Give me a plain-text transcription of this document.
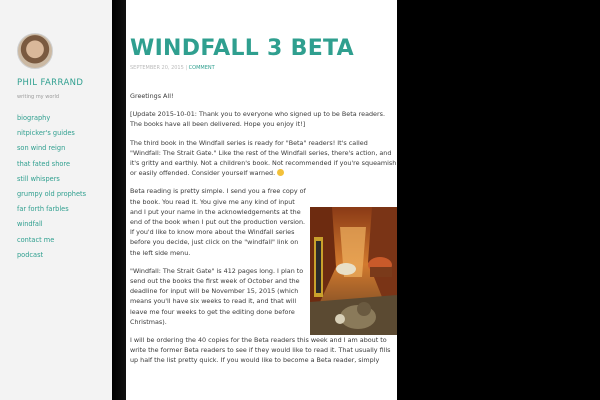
PHIL FARRAND
writing my world
biography
nitpicker's guides
son wind reign
that fated shore
still whispers
grumpy old prophets
far forth farbles
windfall
contact me
podcast
WINDFALL 3 BETA
SEPTEMBER 20, 2015 | COMMENT

Greetings All!

[Update 2015-10-01: Thank you to everyone who signed up to be Beta readers. The books have all been delivered. Hope you enjoy it!]

The third book in the Windfall series is ready for "Beta" readers! It's called "Windfall: The Strait Gate." Like the rest of the Windfall series, there's action, and it's gritty and earthly. Not a children's book. Not recommended if you're squeamish or easily offended. Consider yourself warned.

Beta reading is pretty simple. I send you a free copy of the book. You read it. You give me any kind of input and I put your name in the acknowledgements at the end of the book when I put out the production version. If you'd like to know more about the Windfall series before you decide, just click on the "windfall" link on the left side menu.

"Windfall: The Strait Gate" is 412 pages long. I plan to send out the books the first week of October and the deadline for input will be November 15, 2015 (which means you'll have six weeks to read it, and that will leave me four weeks to get the editing done before Christmas).

I will be ordering the 40 copies for the Beta readers this week and I am about to write the former Beta readers to see if they would like to read it. That usually fills up half the list pretty quick. If you would like to become a Beta reader, simply
